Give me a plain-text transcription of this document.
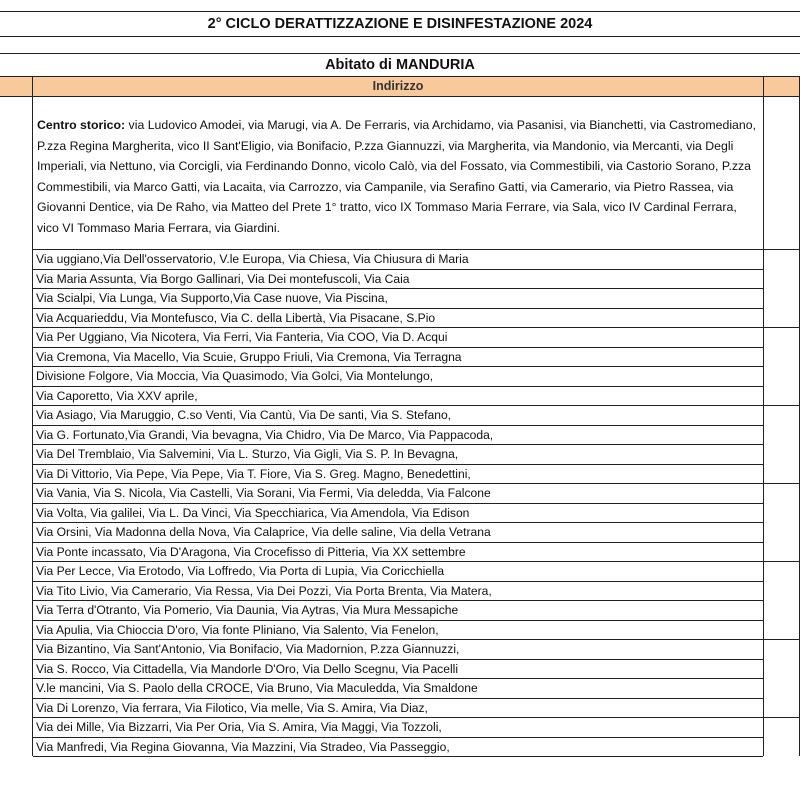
2° CICLO DERATTIZZAZIONE E DISINFESTAZIONE 2024
Abitato di MANDURIA
Indirizzo
Centro storico: via Ludovico Amodei, via Marugi, via A. De Ferraris, via Archidamo, via Pasanisi, via Bianchetti, via Castromediano, P.zza Regina Margherita, vico II Sant'Eligio, via Bonifacio, P.zza Giannuzzi, via Margherita, via Mandonio, via Mercanti, via Degli Imperiali, via Nettuno, via Corcigli, via Ferdinando Donno, vicolo Calò, via del Fossato, via Commestibili, via Castorio Sorano, P.zza Commestibili, via Marco Gatti, via Lacaita, via Carrozzo, via Campanile, via Serafino Gatti, via Camerario, via Pietro Rassea, via Giovanni Dentice, via De Raho, via Matteo del Prete 1° tratto, vico IX Tommaso Maria Ferrare, via Sala, vico IV Cardinal Ferrara, vico VI Tommaso Maria Ferrara, via Giardini.
Via uggiano,Via Dell'osservatorio, V.le Europa, Via Chiesa, Via Chiusura di Maria
Via Maria Assunta, Via Borgo Gallinari, Via Dei montefuscoli, Via Caia
Via Scialpi, Via Lunga, Via Supporto,Via Case nuove, Via Piscina,
Via Acquarieddu, Via Montefusco, Via C. della Libertà, Via Pisacane, S.Pio
Via Per Uggiano, Via Nicotera, Via Ferri, Via Fanteria, Via COO, Via D. Acqui
Via Cremona, Via Macello, Via Scuie, Gruppo Friuli, Via Cremona, Via Terragna
Divisione Folgore, Via Moccia, Via Quasimodo, Via Golci, Via Montelungo,
Via Caporetto, Via XXV aprile,
Via Asiago, Via Maruggio, C.so Venti, Via Cantù, Via De santi, Via S. Stefano,
Via G. Fortunato,Via Grandi, Via bevagna, Via Chidro, Via De Marco, Via Pappacoda,
Via Del Tremblaio, Via Salvemini, Via L. Sturzo, Via Gigli, Via S. P. In Bevagna,
Via Di Vittorio, Via Pepe, Via Pepe, Via T. Fiore, Via S. Greg. Magno, Benedettini,
Via Vania, Via S. Nicola, Via Castelli, Via Sorani, Via Fermi, Via deledda, Via Falcone
Via Volta, Via galilei, Via L. Da Vinci, Via Specchiarica, Via Amendola, Via Edison
Via Orsini, Via Madonna della Nova, Via Calaprice, Via delle saline, Via della Vetrana
Via Ponte incassato, Via D'Aragona, Via Crocefisso di Pitteria, Via XX settembre
Via Per Lecce, Via Erotodo, Via Loffredo, Via Porta di Lupia, Via Coricchiella
Via Tito Livio, Via Camerario, Via Ressa, Via Dei Pozzi, Via Porta Brenta, Via Matera,
Via Terra d'Otranto, Via Pomerio, Via Daunia, Via Aytras, Via Mura Messapiche
Via Apulia, Via Chioccia D'oro, Via fonte Pliniano, Via Salento, Via Fenelon,
Via Bizantino, Via Sant'Antonio, Via Bonifacio, Via Madornion, P.zza Giannuzzi,
Via S. Rocco, Via Cittadella, Via Mandorle D'Oro, Via Dello Scegnu, Via Pacelli
V.le mancini, Via S. Paolo della CROCE, Via Bruno, Via Maculedda, Via Smaldone
Via Di Lorenzo, Via ferrara, Via Filotico, Via melle, Via S. Amira, Via Diaz,
Via dei Mille, Via Bizzarri, Via Per Oria, Via S. Amira, Via Maggi, Via Tozzoli,
Via Manfredi, Via Regina Giovanna, Via Mazzini, Via Stradeo, Via Passeggio,
